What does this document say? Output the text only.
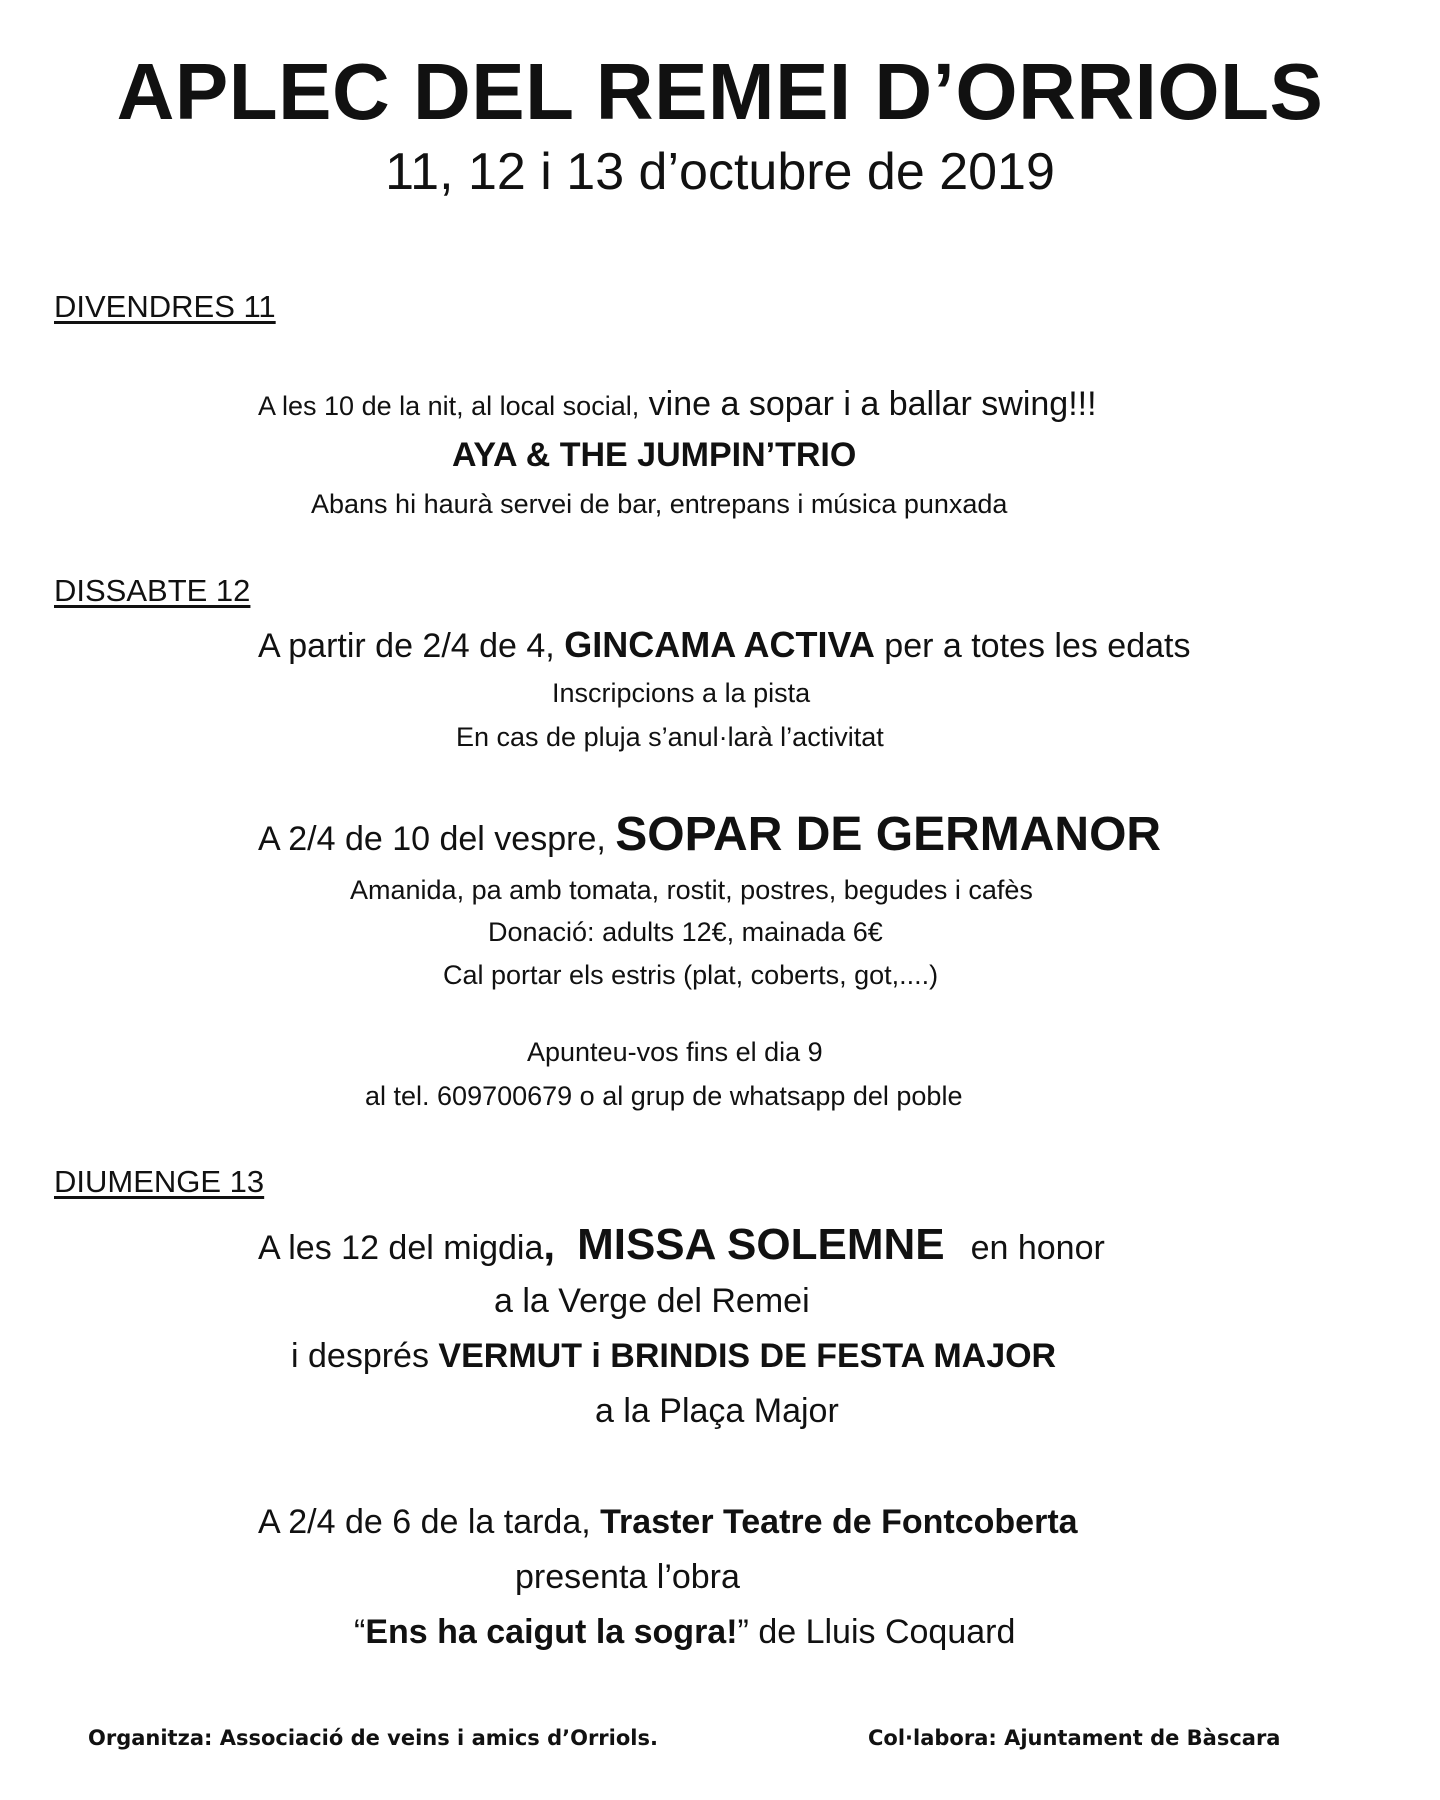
APLEC DEL REMEI D’ORRIOLS
11, 12 i 13 d’octubre de 2019
DIVENDRES 11
A les 10 de la nit, al local social, vine a sopar i a ballar swing!!!
AYA & THE JUMPIN’TRIO
Abans hi haurà servei de bar, entrepans i música punxada
DISSABTE 12
A partir de 2/4 de 4, GINCAMA ACTIVA per a totes les edats
Inscripcions a la pista
En cas de pluja s’anul·larà l’activitat
A 2/4 de 10 del vespre, SOPAR DE GERMANOR
Amanida, pa amb tomata, rostit, postres, begudes i cafès
Donació: adults 12€, mainada 6€
Cal portar els estris (plat, coberts, got,....)
Apunteu-vos fins el dia 9
al tel. 609700679 o al grup de whatsapp del poble
DIUMENGE 13
A les 12 del migdia, MISSA SOLEMNE en honor
a la Verge del Remei
i després VERMUT i BRINDIS DE FESTA MAJOR
a la Plaça Major
A 2/4 de 6 de la tarda, Traster Teatre de Fontcoberta
presenta l’obra
“Ens ha caigut la sogra!” de Lluis Coquard
Organitza: Associació de veins i amics d’Orriols.	Col·labora: Ajuntament de Bàscara
